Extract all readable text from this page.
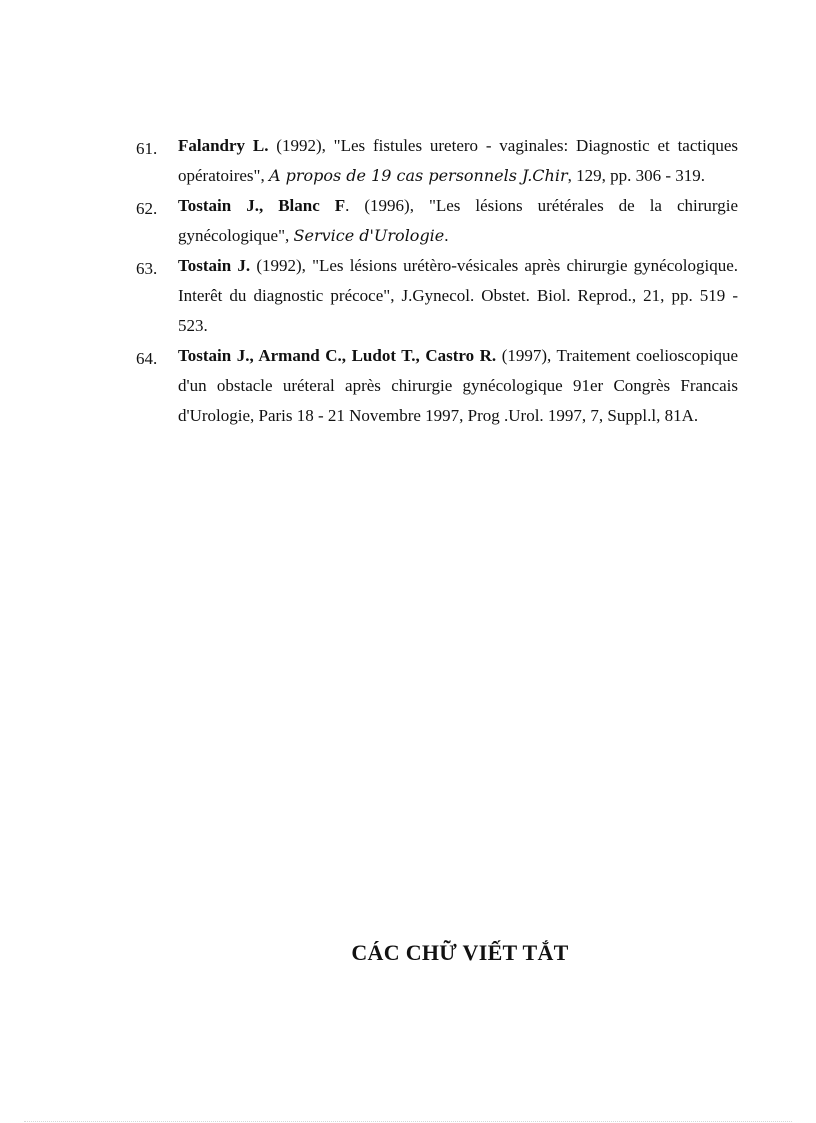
61.	Falandry L. (1992), "Les fistules uretero - vaginales: Diagnostic et tactiques opératoires", A propos de 19 cas personnels J.Chir, 129, pp. 306 - 319.
62.	Tostain J., Blanc F. (1996), "Les lésions urétérales de la chirurgie gynécologique", Service d'Urologie.
63.	Tostain J. (1992), "Les lésions urétèro-vésicales après chirurgie gynécologique. Interêt du diagnostic précoce", J.Gynecol. Obstet. Biol. Reprod., 21, pp. 519 - 523.
64.	Tostain J., Armand C., Ludot T., Castro R. (1997), Traitement coelioscopique d'un obstacle uréteral après chirurgie gynécologique 91er Congrès Francais d'Urologie, Paris 18 - 21 Novembre 1997, Prog .Urol. 1997, 7, Suppl.l, 81A.
CÁC CHỮ VIẾT TẮT
